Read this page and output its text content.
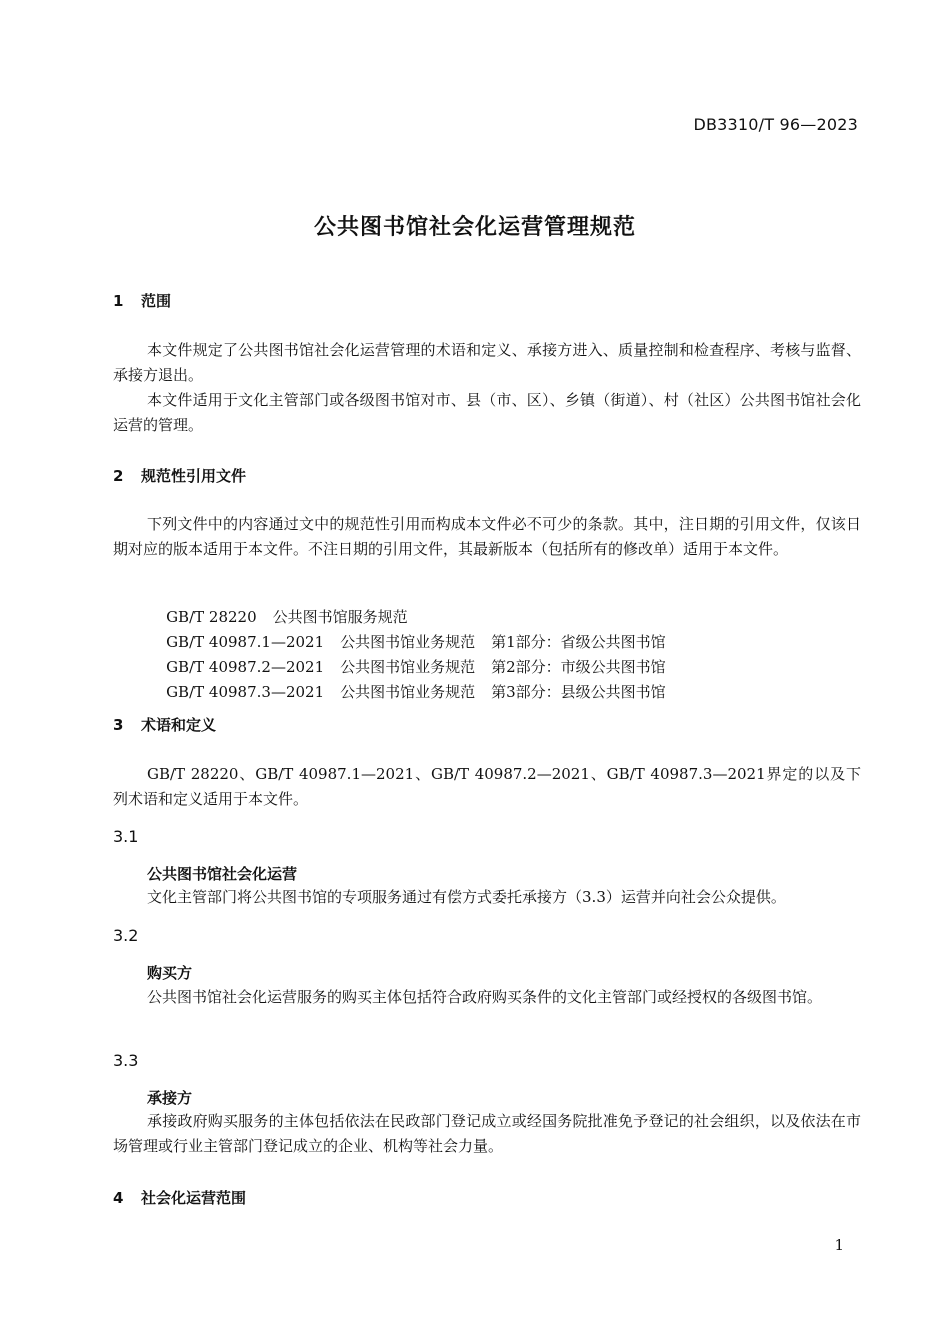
DB3310/T 96—2023
公共图书馆社会化运营管理规范
1 范围
本文件规定了公共图书馆社会化运营管理的术语和定义、承接方进入、质量控制和检查程序、考核与监督、承接方退出。
本文件适用于文化主管部门或各级图书馆对市、县（市、区）、乡镇（街道）、村（社区）公共图书馆社会化运营的管理。
2 规范性引用文件
下列文件中的内容通过文中的规范性引用而构成本文件必不可少的条款。其中，注日期的引用文件，仅该日期对应的版本适用于本文件。不注日期的引用文件，其最新版本（包括所有的修改单）适用于本文件。

GB/T 28220 公共图书馆服务规范

GB/T 40987.1—2021 公共图书馆业务规范 第1部分：省级公共图书馆

GB/T 40987.2—2021 公共图书馆业务规范 第2部分：市级公共图书馆

GB/T 40987.3—2021 公共图书馆业务规范 第3部分：县级公共图书馆

3 术语和定义
GB/T 28220、GB/T 40987.1—2021、GB/T 40987.2—2021、GB/T 40987.3—2021界定的以及下列术语和定义适用于本文件。
3.1
公共图书馆社会化运营
文化主管部门将公共图书馆的专项服务通过有偿方式委托承接方（3.3）运营并向社会公众提供。
3.2
购买方
公共图书馆社会化运营服务的购买主体包括符合政府购买条件的文化主管部门或经授权的各级图书馆。
3.3
承接方
承接政府购买服务的主体包括依法在民政部门登记成立或经国务院批准免予登记的社会组织，以及依法在市场管理或行业主管部门登记成立的企业、机构等社会力量。
4 社会化运营范围
1
